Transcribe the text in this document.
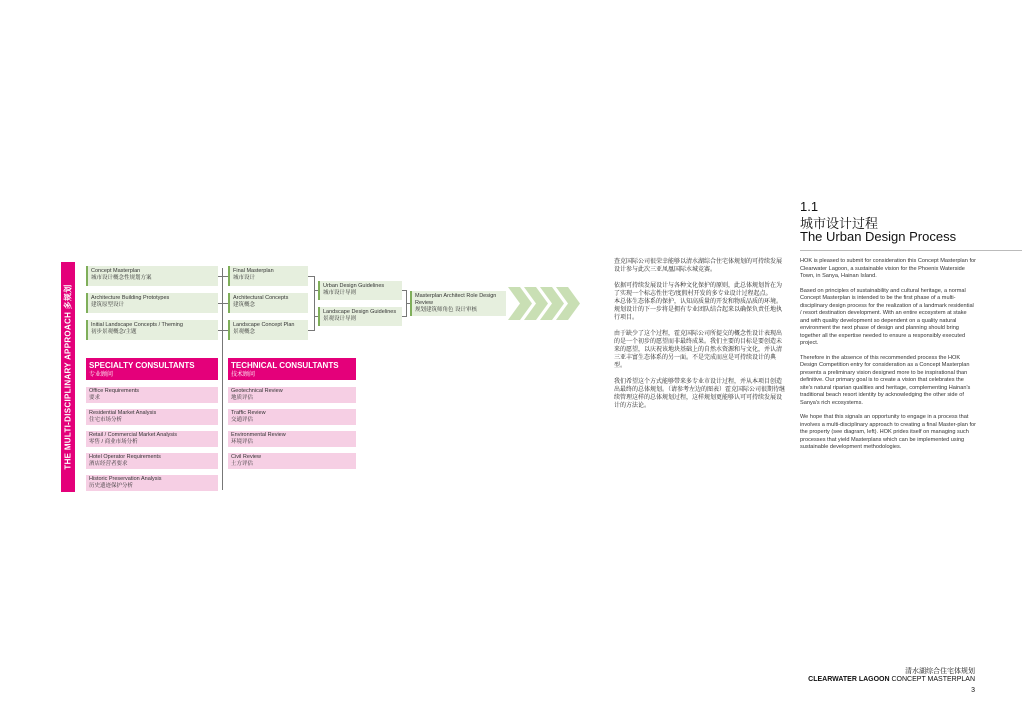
1.1
城市设计过程
The Urban Design Process
THE MULTI-DISCIPLINARY APPROACH 多规划
Concept Masterplan
城市设计概念性规划方案
Architecture Building Prototypes
建筑原型设计
Initial Landscape Concepts / Theming
初步景观概念/主题
Final Masterplan
城市设计
Architectural Concepts
建筑概念
Landscape Concept Plan
景观概念
Urban Design Guidelines
城市设计导则
Landscape Design Guidelines
景观设计导则
Masterplan Architect Role Design Review
规划建筑师角色 设计审核
SPECIALTY CONSULTANTS
专业顾问
Office Requirements
要求
Residential Market Analysis
住宅市场分析
Retail / Commercial Market Analysis
零售 / 商业市场分析
Hotel Operator Requirements
酒店经营者要求
Historic Preservation Analysis
历史遗迹保护分析
TECHNICAL CONSULTANTS
技术顾问
Geotechnical Review
地质评估
Traffic Review
交通评估
Environmental Review
环境评估
Civil Review
土方评估

查克国际公司很荣幸能够以清水湖综合住宅体规划的可持续发展设计参与此次三亚凤凰国际水城竞赛。

依据可持续发展设计与各种文化保护的原则，此总体规划旨在为了实现一个标志性住宅/度假村开发的多专业设计过程起点。
本总体生态体系的保护，认知高质量的开发和物质品质的环境。规划设计的下一步将是拥有专业团队结合起来以确保负责任地执行项目。

由于缺少了这个过程，霍克国际公司所提交的概念性设计表现出的是一个初步的愿望而非最终成果。我们主要的目标是要创造未来的愿望，以庆祝该地块基础上的自然水资源和与文化，并认清三亚丰富生态体系的另一面。不是完成而应是可持续设计的典型。

我们希望这个方式能够带来多专业市设计过程，并从本项目创造出最终的总体规划。（请参考左边的图表）霍克国际公司很期待继续管理这样的总体规划过程，这样规划更能够认可可持续发展设计的方法论。

HOK is pleased to submit for consideration this Concept Masterplan for Clearwater Lagoon, a sustainable vision for the Phoenix Waterside Town, in Sanya, Hainan Island.

Based on principles of sustainability and cultural heritage, a normal Concept Masterplan is intended to be the first phase of a multi-disciplinary design process for the realization of a landmark residential / resort destination development. With an entire ecosystem at stake and with quality development so dependent on a quality natural environment the next phase of design and planning should bring together all the expertise needed to ensure a responsibly executed project.

Therefore in the absence of this recommended process the HOK Design Competition entry for consideration as a Concept Masterplan presents a preliminary vision designed more to be inspirational than definitive. Our primary goal is to create a vision that celebrates the site's natural riparian qualities and heritage, complementing Hainan's traditional beach resort identity by acknowledging the other side of Sanya's rich ecosystems.

We hope that this signals an opportunity to engage in a process that involves a multi-disciplinary approach to creating a final Master-plan for the property (see diagram, left). HOK prides itself on managing such processes that yield Masterplans which can be implemented using sustainable development methodologies.

清水湖综合住宅体规划
CLEARWATER LAGOON CONCEPT MASTERPLAN
3
